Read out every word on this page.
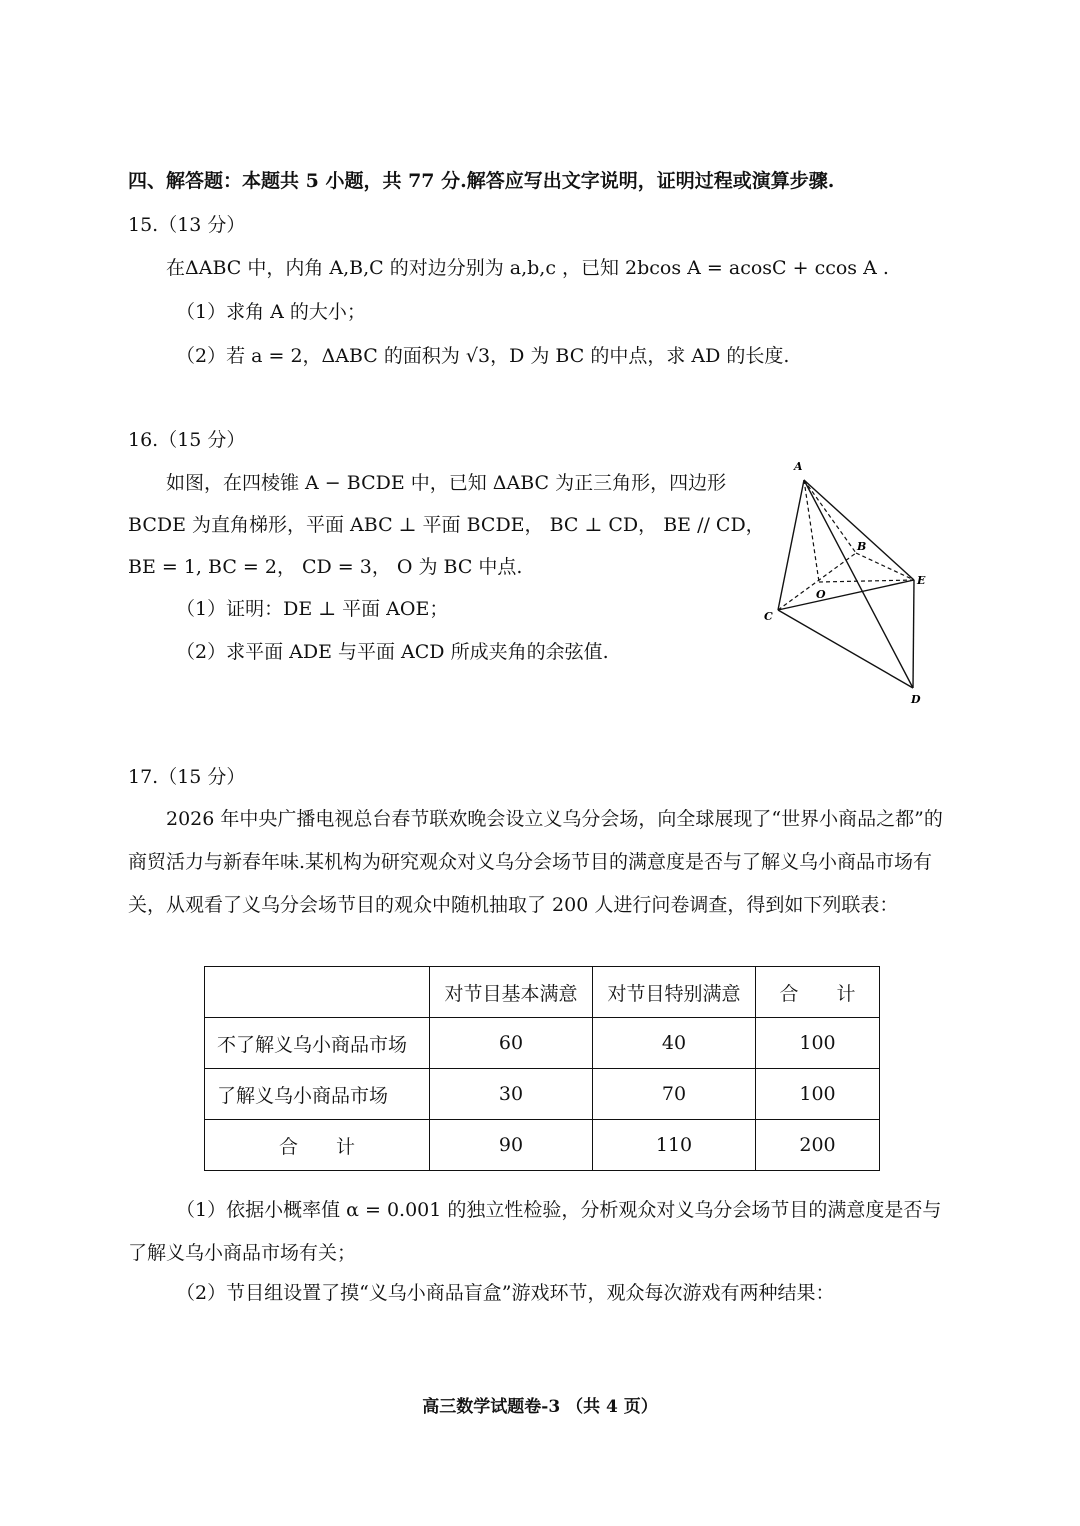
四、解答题：本题共 5 小题，共 77 分.解答应写出文字说明，证明过程或演算步骤.
15.（13 分）
在ΔABC 中，内角 A,B,C 的对边分别为 a,b,c ，已知 2bcos A = acosC + ccos A .
（1）求角 A 的大小；
（2）若 a = 2，ΔABC 的面积为 √3，D 为 BC 的中点，求 AD 的长度.
16.（15 分）
如图，在四棱锥 A − BCDE 中，已知 ΔABC 为正三角形，四边形
BCDE 为直角梯形，平面 ABC ⊥ 平面 BCDE， BC ⊥ CD， BE // CD，
BE = 1, BC = 2， CD = 3， O 为 BC 中点.
（1）证明：DE ⊥ 平面 AOE；
（2）求平面 ADE 与平面 ACD 所成夹角的余弦值.
A
B
C
D
E
O
17.（15 分）
2026 年中央广播电视总台春节联欢晚会设立义乌分会场，向全球展现了“世界小商品之都”的商贸活力与新春年味.某机构为研究观众对义乌分会场节目的满意度是否与了解义乌小商品市场有关，从观看了义乌分会场节目的观众中随机抽取了 200 人进行问卷调查，得到如下列联表：
	对节目基本满意	对节目特别满意	合　　计
不了解义乌小商品市场	60	40	100
了解义乌小商品市场	30	70	100
合　　计	90	110	200
（1）依据小概率值 α = 0.001 的独立性检验，分析观众对义乌分会场节目的满意度是否与
了解义乌小商品市场有关；
（2）节目组设置了摸“义乌小商品盲盒”游戏环节，观众每次游戏有两种结果：
高三数学试题卷-3 （共 4 页）
